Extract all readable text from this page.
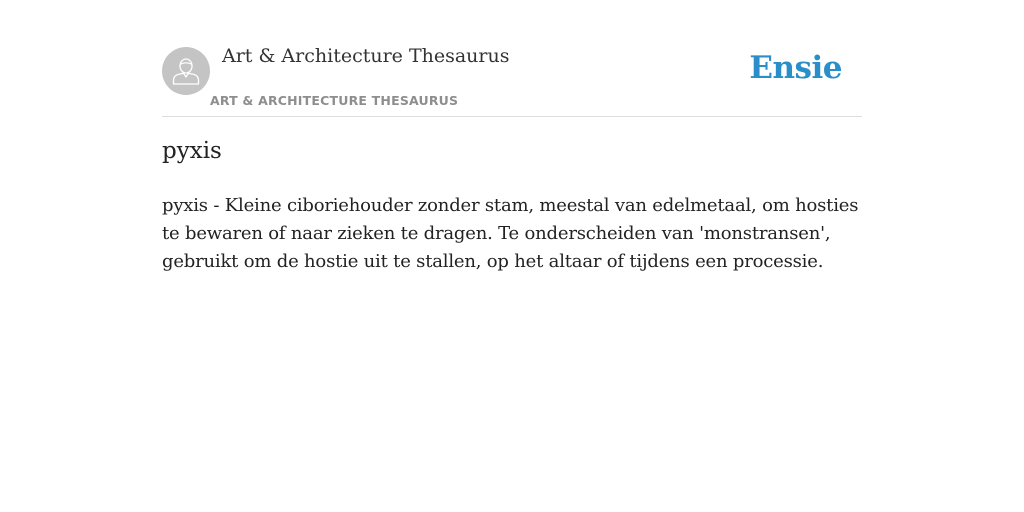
Art & Architecture Thesaurus
ART & ARCHITECTURE THESAURUS
Ensie
pyxis

pyxis - Kleine ciboriehouder zonder stam, meestal van edelmetaal, om hosties te bewaren of naar zieken te dragen. Te onderscheiden van 'monstransen', gebruikt om de hostie uit te stallen, op het altaar of tijdens een processie.
